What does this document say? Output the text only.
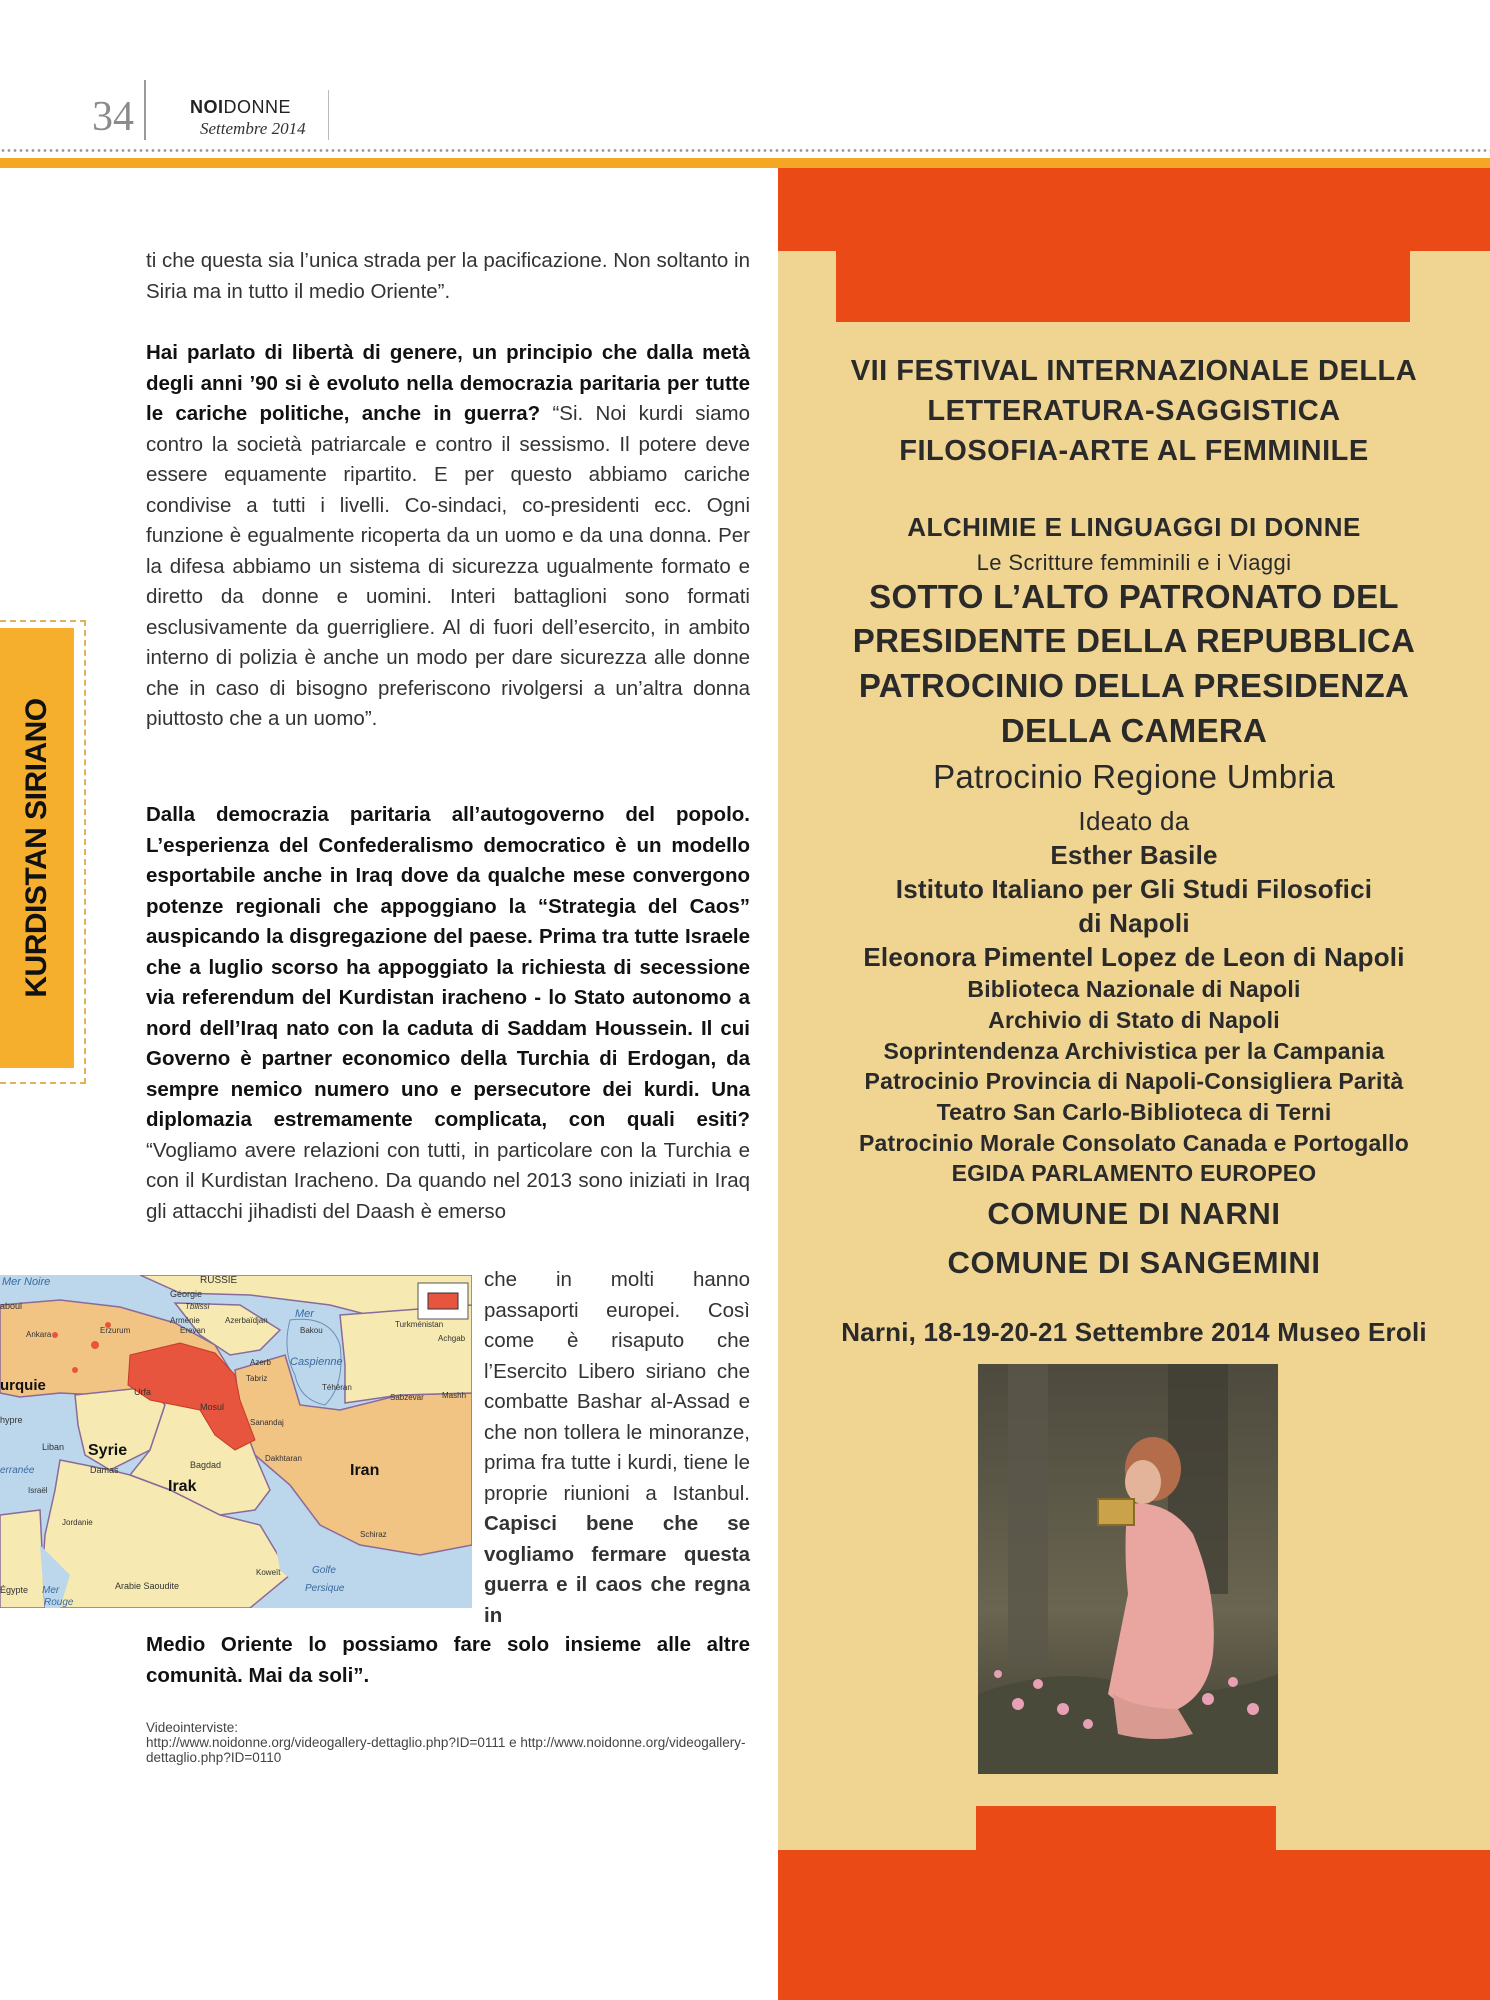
34	NOIDONNE
Settembre 2014
KURDISTAN SIRIANO

ti che questa sia l’unica strada per la pacificazione. Non soltanto in Siria ma in tutto il medio Oriente”.

Hai parlato di libertà di genere, un principio che dalla metà degli anni ’90 si è evoluto nella democrazia paritaria per tutte le cariche politiche, anche in guerra? “Si. Noi kurdi siamo contro la società patriarcale e contro il sessismo. Il potere deve essere equamente ripartito. E per questo abbiamo cariche condivise a tutti i livelli. Co-sindaci, co-presidenti ecc. Ogni funzione è egualmente ricoperta da un uomo e da una donna. Per la difesa abbiamo un sistema di sicurezza ugualmente formato e diretto da donne e uomini. Interi battaglioni sono formati esclusivamente da guerrigliere. Al di fuori dell’esercito, in ambito interno di polizia è anche un modo per dare sicurezza alle donne che in caso di bisogno preferiscono rivolgersi a un’altra donna piuttosto che a un uomo”.

Dalla democrazia paritaria all’autogoverno del popolo. L’esperienza del Confederalismo democratico è un modello esportabile anche in Iraq dove da qualche mese convergono potenze regionali che appoggiano la “Strategia del Caos” auspicando la disgregazione del paese. Prima tra tutte Israele che a luglio scorso ha appoggiato la richiesta di secessione via referendum del Kurdistan iracheno - lo Stato autonomo a nord dell’Iraq nato con la caduta di Saddam Houssein. Il cui Governo è partner economico della Turchia di Erdogan, da sempre nemico numero uno e persecutore dei kurdi. Una diplomazia estremamente complicata, con quali esiti? “Vogliamo avere relazioni con tutti, in particolare con la Turchia e con il Kurdistan Iracheno. Da quando nel 2013 sono iniziati in Iraq gli attacchi jihadisti del Daash è emerso

Mer Noire	RUSSIE
Géorgie
Tbilissi
Arménie	Azerbaïdjan
Erevan	Bakou
Mer
Caspienne
Turkménistan
Achgab
Ankara	Erzurum
Azerb
Tabriz
urquie	Urfa
Mosul
Sanandaj
Téhéran
Sabzevar Mashh
hypre
Liban Syrie
Damas	Bagdad
Dakhtaran
Iran
erranée
Israël	Irak
Jordanie
Schiraz
Koweït
Égypte Mer
Rouge
Arabie Saoudite
Golfe
Persique
aboul

che in molti hanno passaporti europei. Così come è risaputo che l’Esercito Libero siriano che combatte Bashar al-Assad e che non tollera le minoranze, prima fra tutte i kurdi, tiene le proprie riunioni a Istanbul. Capisci bene che se vogliamo fermare questa guerra e il caos che regna in

Medio Oriente lo possiamo fare solo insieme alle altre comunità. Mai da soli”.
Videointerviste:
http://www.noidonne.org/videogallery-dettaglio.php?ID=0111 e http://www.noidonne.org/videogallery-dettaglio.php?ID=0110
VII FESTIVAL INTERNAZIONALE DELLA
LETTERATURA-SAGGISTICA
FILOSOFIA-ARTE AL FEMMINILE
ALCHIMIE E LINGUAGGI DI DONNE
Le Scritture femminili e i Viaggi
SOTTO L’ALTO PATRONATO DEL
PRESIDENTE DELLA REPUBBLICA
PATROCINIO DELLA PRESIDENZA
DELLA CAMERA
Patrocinio Regione Umbria
Ideato da
Esther Basile
Istituto Italiano per Gli Studi Filosofici
di Napoli
Eleonora Pimentel Lopez de Leon di Napoli
Biblioteca Nazionale di Napoli
Archivio di Stato di Napoli
Soprintendenza Archivistica per la Campania
Patrocinio Provincia di Napoli-Consigliera Parità
Teatro San Carlo-Biblioteca di Terni
Patrocinio Morale Consolato Canada e Portogallo
EGIDA PARLAMENTO EUROPEO
COMUNE DI NARNI
COMUNE DI SANGEMINI
Narni, 18-19-20-21 Settembre 2014 Museo Eroli
